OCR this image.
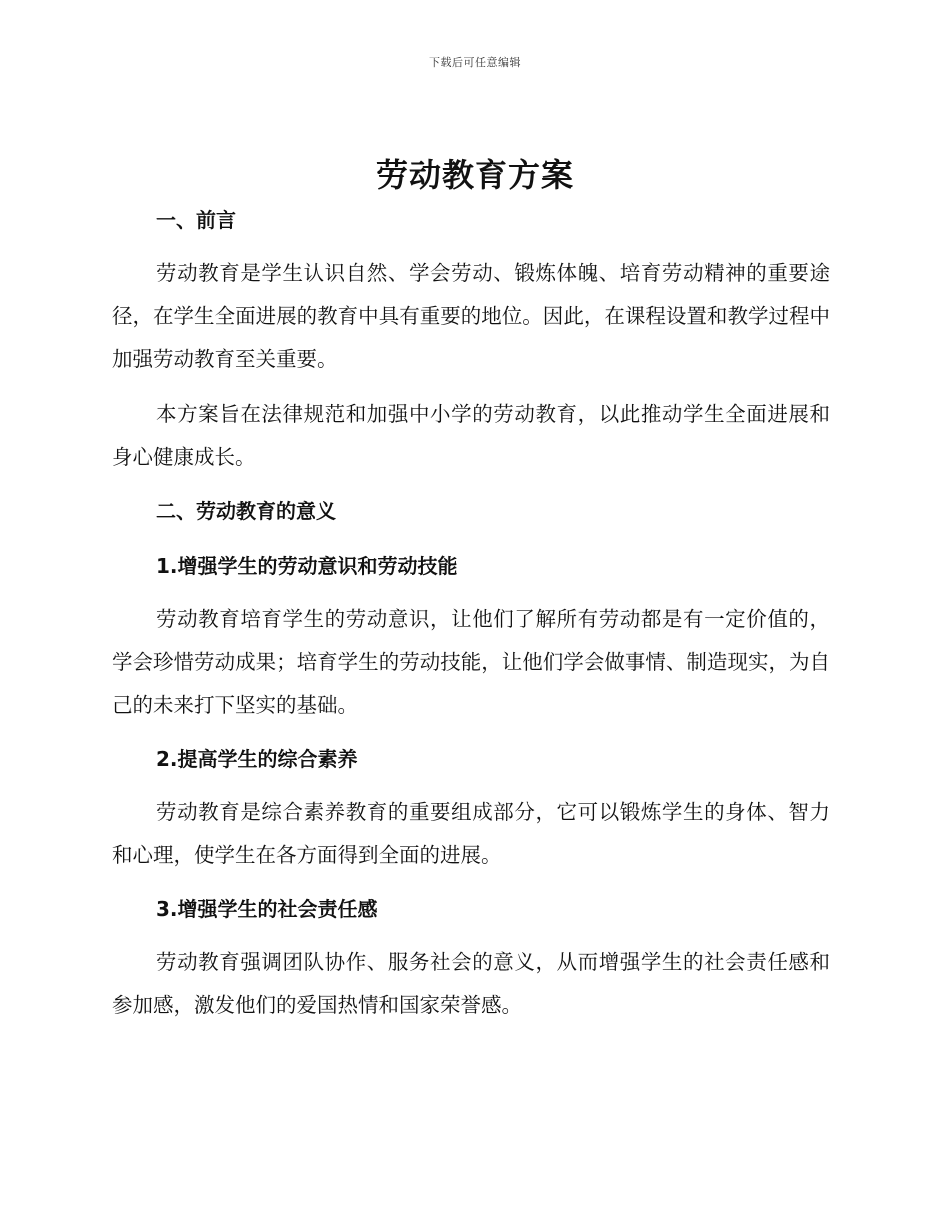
下载后可任意编辑
劳动教育方案
一、前言

劳动教育是学生认识自然、学会劳动、锻炼体魄、培育劳动精神的重要途径，在学生全面进展的教育中具有重要的地位。因此，在课程设置和教学过程中加强劳动教育至关重要。

本方案旨在法律规范和加强中小学的劳动教育，以此推动学生全面进展和身心健康成长。

二、劳动教育的意义
1.增强学生的劳动意识和劳动技能

劳动教育培育学生的劳动意识，让他们了解所有劳动都是有一定价值的，学会珍惜劳动成果；培育学生的劳动技能，让他们学会做事情、制造现实，为自己的未来打下坚实的基础。

2.提高学生的综合素养

劳动教育是综合素养教育的重要组成部分，它可以锻炼学生的身体、智力和心理，使学生在各方面得到全面的进展。

3.增强学生的社会责任感

劳动教育强调团队协作、服务社会的意义，从而增强学生的社会责任感和参加感，激发他们的爱国热情和国家荣誉感。
